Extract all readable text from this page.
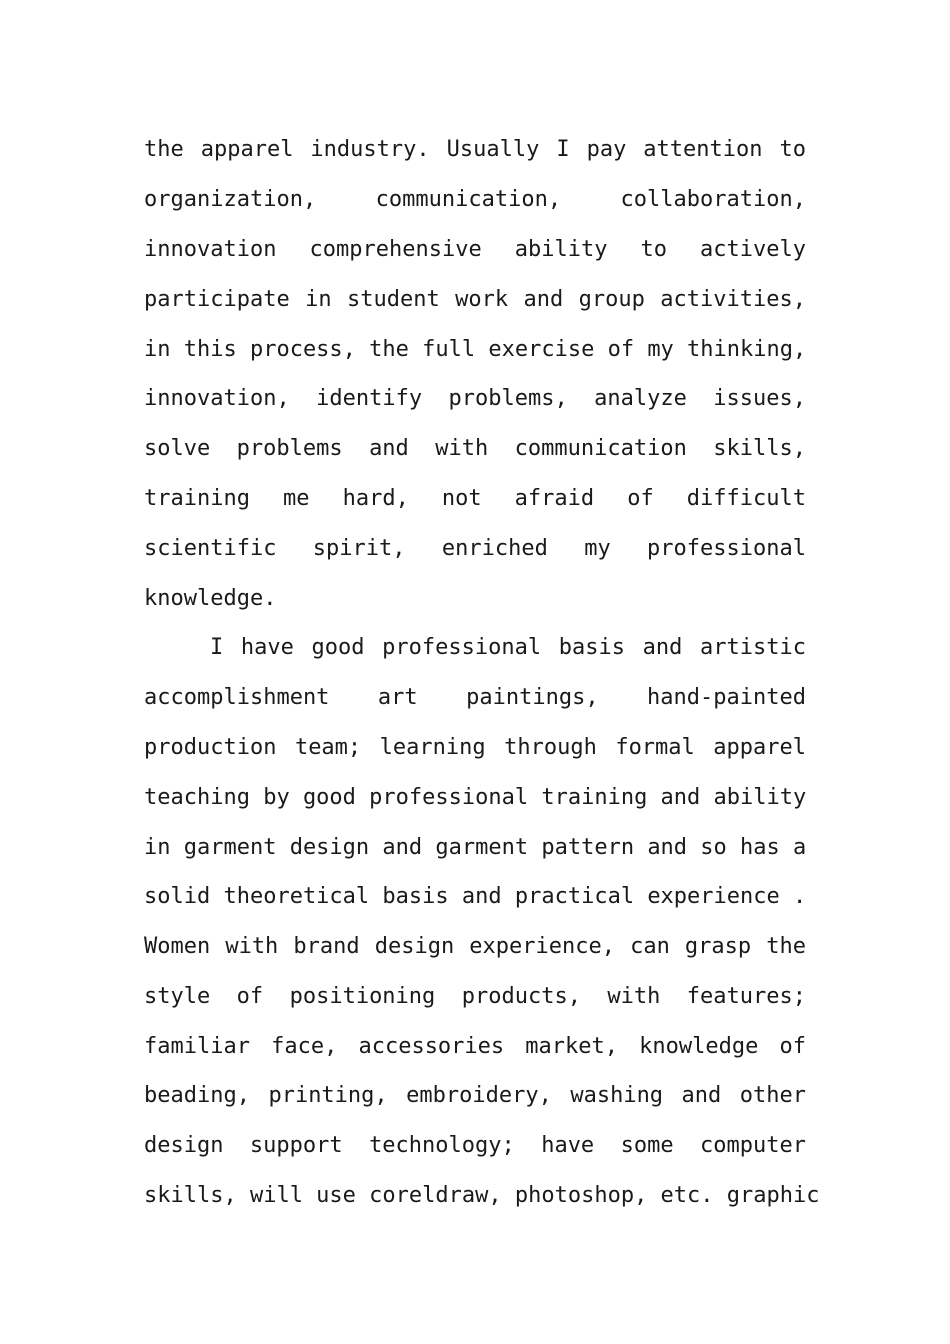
the apparel industry. Usually I pay attention to
organization, communication, collaboration,
innovation comprehensive ability to actively
participate in student work and group activities,
in this process, the full exercise of my thinking,
innovation, identify problems, analyze issues,
solve problems and with communication skills,
training me hard, not afraid of difficult
scientific spirit, enriched my professional
knowledge.
I have good professional basis and artistic
accomplishment art paintings, hand-painted
production team; learning through formal apparel
teaching by good professional training and ability
in garment design and garment pattern and so has a
solid theoretical basis and practical experience .
Women with brand design experience, can grasp the
style of positioning products, with features;
familiar face, accessories market, knowledge of
beading, printing, embroidery, washing and other
design support technology; have some computer
skills, will use coreldraw, photoshop, etc. graphic
